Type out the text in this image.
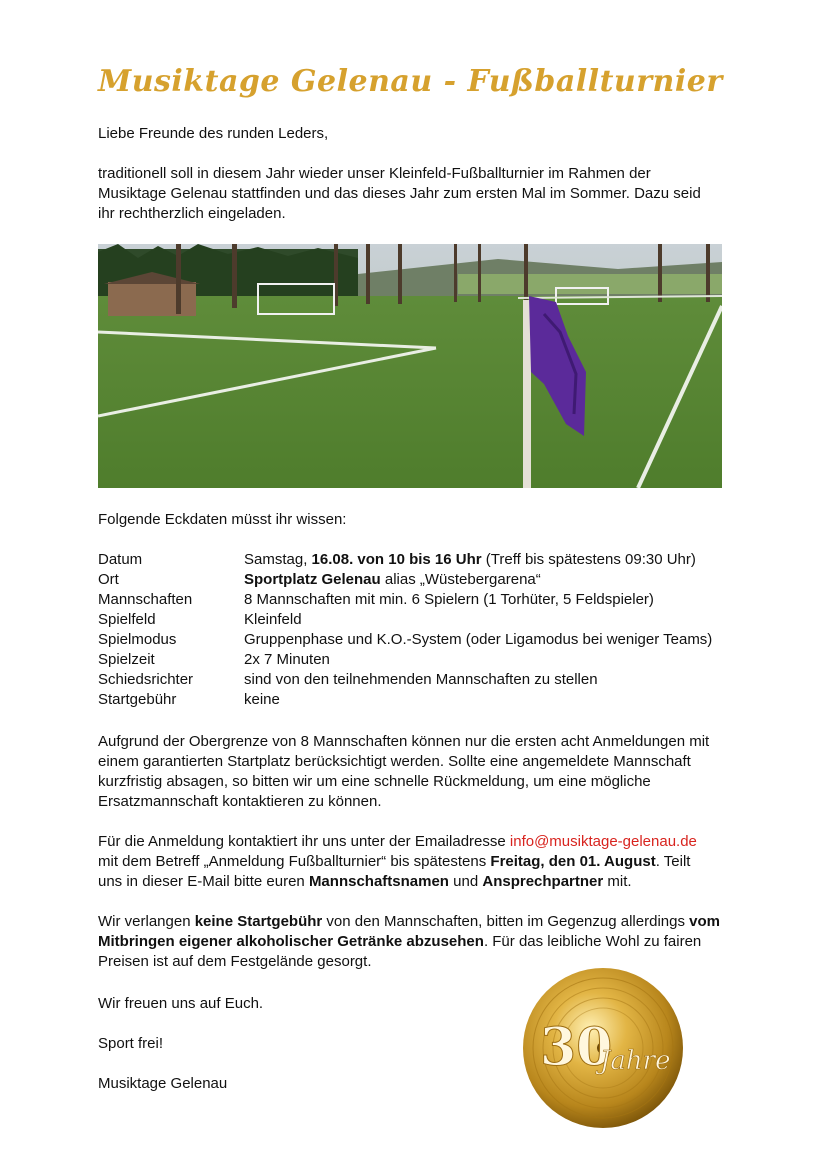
Musiktage Gelenau - Fußballturnier

Liebe Freunde des runden Leders,

traditionell soll in diesem Jahr wieder unser Kleinfeld-Fußballturnier im Rahmen der Musiktage Gelenau stattfinden und das dieses Jahr zum ersten Mal im Sommer. Dazu seid ihr rechtherzlich eingeladen.

Folgende Eckdaten müsst ihr wissen:

Datum	Samstag, 16.08. von 10 bis 16 Uhr (Treff bis spätestens 09:30 Uhr)
Ort	Sportplatz Gelenau alias „Wüstebergarena“
Mannschaften	8 Mannschaften mit min. 6 Spielern (1 Torhüter, 5 Feldspieler)
Spielfeld	Kleinfeld
Spielmodus	Gruppenphase und K.O.-System (oder Ligamodus bei weniger Teams)
Spielzeit	2x 7 Minuten
Schiedsrichter	sind von den teilnehmenden Mannschaften zu stellen
Startgebühr	keine

Aufgrund der Obergrenze von 8 Mannschaften können nur die ersten acht Anmeldungen mit einem garantierten Startplatz berücksichtigt werden. Sollte eine angemeldete Mannschaft kurzfristig absagen, so bitten wir um eine schnelle Rückmeldung, um eine mögliche Ersatzmannschaft kontaktieren zu können.

Für die Anmeldung kontaktiert ihr uns unter der Emailadresse info@musiktage-gelenau.de mit dem Betreff „Anmeldung Fußballturnier“ bis spätestens Freitag, den 01. August. Teilt uns in dieser E-Mail bitte euren Mannschaftsnamen und Ansprechpartner mit.

Wir verlangen keine Startgebühr von den Mannschaften, bitten im Gegenzug allerdings vom Mitbringen eigener alkoholischer Getränke abzusehen. Für das leibliche Wohl zu fairen Preisen ist auf dem Festgelände gesorgt.

Wir freuen uns auf Euch.

Sport frei!

Musiktage Gelenau

30
Jahre
